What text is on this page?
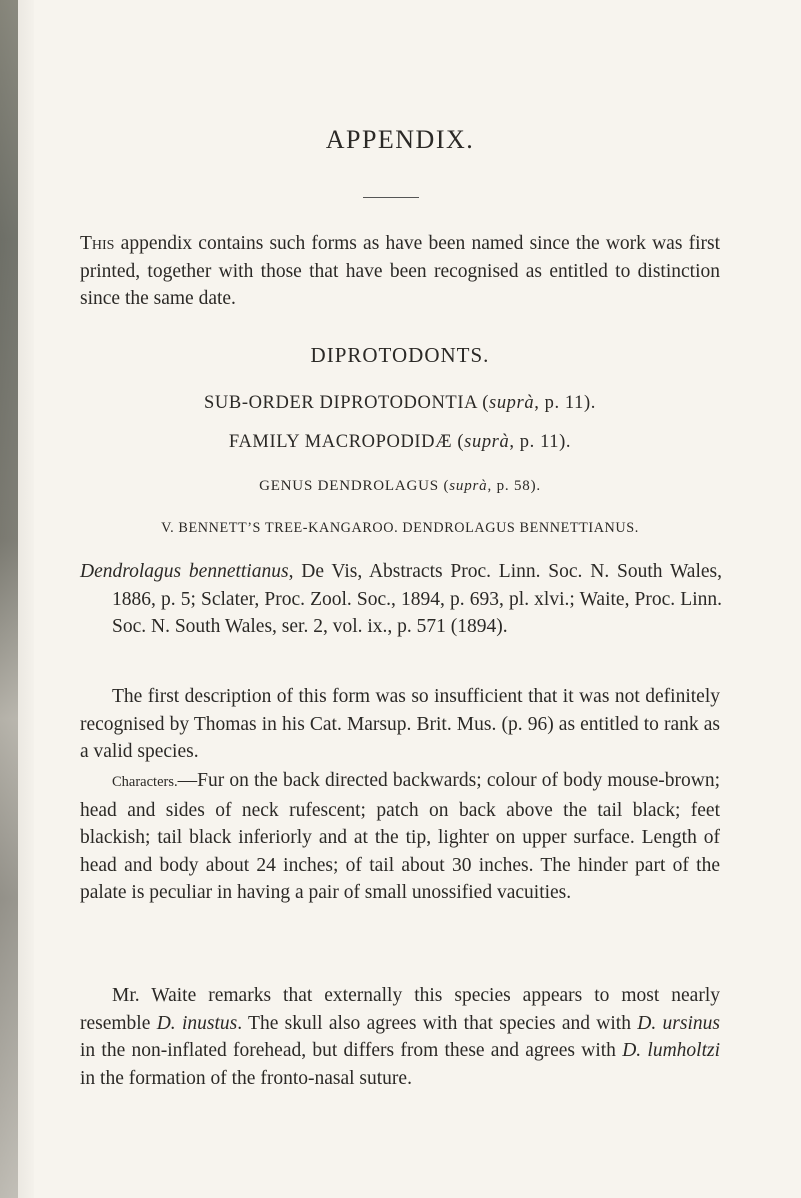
APPENDIX.

This appendix contains such forms as have been named since the work was first printed, together with those that have been recognised as entitled to distinction since the same date.

DIPROTODONTS.
SUB-ORDER DIPROTODONTIA (suprà, p. 11).
FAMILY MACROPODIDÆ (suprà, p. 11).
GENUS DENDROLAGUS (suprà, p. 58).
V. BENNETT’S TREE-KANGAROO. DENDROLAGUS BENNETTIANUS.

Dendrolagus bennettianus, De Vis, Abstracts Proc. Linn. Soc. N. South Wales, 1886, p. 5; Sclater, Proc. Zool. Soc., 1894, p. 693, pl. xlvi.; Waite, Proc. Linn. Soc. N. South Wales, ser. 2, vol. ix., p. 571 (1894).

The first description of this form was so insufficient that it was not definitely recognised by Thomas in his Cat. Marsup. Brit. Mus. (p. 96) as entitled to rank as a valid species.

Characters.—Fur on the back directed backwards; colour of body mouse-brown; head and sides of neck rufescent; patch on back above the tail black; feet blackish; tail black inferiorly and at the tip, lighter on upper surface. Length of head and body about 24 inches; of tail about 30 inches. The hinder part of the palate is peculiar in having a pair of small unossified vacuities.

Mr. Waite remarks that externally this species appears to most nearly resemble D. inustus. The skull also agrees with that species and with D. ursinus in the non-inflated forehead, but differs from these and agrees with D. lumholtzi in the formation of the fronto-nasal suture.
